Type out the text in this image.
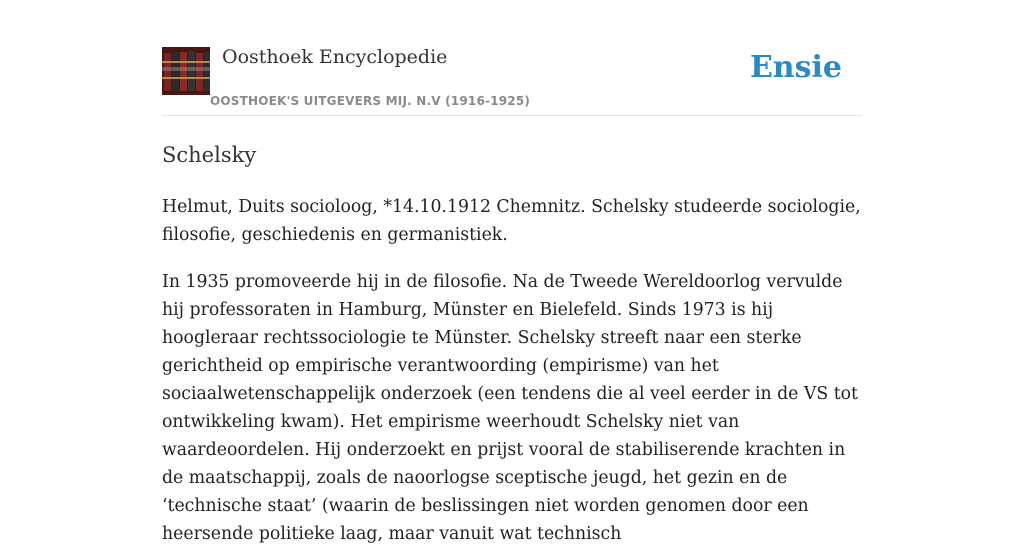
Oosthoek Encyclopedie
OOSTHOEK'S UITGEVERS MIJ. N.V (1916-1925)
Ensie
Schelsky

Helmut, Duits socioloog, *14.10.1912 Chemnitz. Schelsky studeerde sociologie, filosofie, geschiedenis en germanistiek.

In 1935 promoveerde hij in de filosofie. Na de Tweede Wereldoorlog vervulde hij professoraten in Hamburg, Münster en Bielefeld. Sinds 1973 is hij hoogleraar rechtssociologie te Münster. Schelsky streeft naar een sterke gerichtheid op empirische verantwoording (empirisme) van het sociaalwetenschappelijk onderzoek (een tendens die al veel eerder in de VS tot ontwikkeling kwam). Het empirisme weerhoudt Schelsky niet van waardeoordelen. Hij onderzoekt en prijst vooral de stabiliserende krachten in de maatschappij, zoals de naoorlogse sceptische jeugd, het gezin en de ‘technische staat’ (waarin de beslissingen niet worden genomen door een heersende politieke laag, maar vanuit wat technisch
